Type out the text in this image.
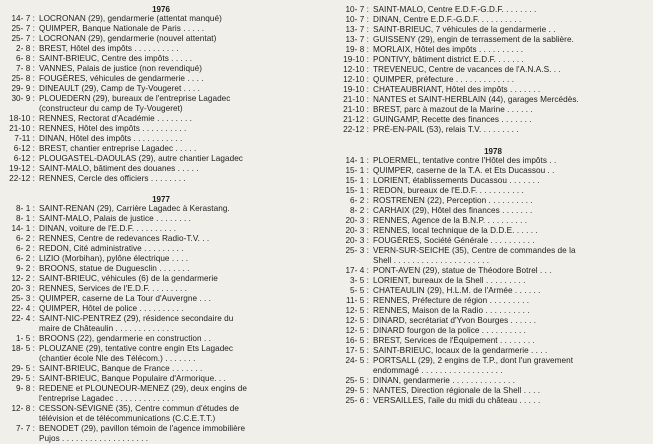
1976
14- 7 : LOCRONAN (29), gendarmerie (attentat manqué)
25- 7 : QUIMPER, Banque Nationale de Paris . . . . .
25- 7 : LOCRONAN (29), gendarmerie (nouvel attentat)
2- 8 : BREST, Hôtel des impôts . . . . . . . . . .
6- 8 : SAINT-BRIEUC, Centre des impôts . . . . .
7- 8 : VANNES, Palais de justice (non revendiqué)
25- 8 : FOUGÈRES, véhicules de gendarmerie . . . .
29- 9 : DINEAULT (29), Camp de Ty-Vougeret . . . .
30- 9 : PLOUEDERN (29), bureaux de l'entreprise Lagadec
(constructeur du camp de Ty-Vougeret)
18-10 : RENNES, Rectorat d'Académie . . . . . . . .
21-10 : RENNES, Hôtel des impôts . . . . . . . . . .
7-11 : DINAN, Hôtel des impôts . . . . . . . . . . .
6-12 : BREST, chantier entreprise Lagadec . . . . .
6-12 : PLOUGASTEL-DAOULAS (29), autre chantier Lagadec
19-12 : SAINT-MALO, bâtiment des douanes . . . . .
22-12 : RENNES, Cercle des officiers . . . . . . . .
1977
8- 1 : SAINT-RENAN (29), Carrière Lagadec à Kerastang.
8- 1 : SAINT-MALO, Palais de justice . . . . . . . .
14- 1 : DINAN, voiture de l'E.D.F. . . . . . . . . .
6- 2 : RENNES, Centre de redevances Radio-T.V. . .
6- 2 : REDON, Cité administrative . . . . . . . . .
6- 2 : LIZIO (Morbihan), pylône électrique . . . .
9- 2 : BROONS, statue de Duguesclin . . . . . . .
12- 2 : SAINT-BRIEUC, véhicules (6) de la gendarmerie
20- 3 : RENNES, Services de l'E.D.F. . . . . . . . .
25- 3 : QUIMPER, caserne de La Tour d'Auvergne . . .
22- 4 : QUIMPER, Hôtel de police . . . . . . . . . .
22- 4 : SAINT-NIC-PENTREZ (29), résidence secondaire du
maire de Châteaulin . . . . . . . . . . . . .
1- 5 : BROONS (22), gendarmerie en construction . .
18- 5 : PLOUZANE (29), tentative contre engin Ets Lagadec
(chantier école Nle des Télécom.) . . . . . . .
29- 5 : SAINT-BRIEUC, Banque de France . . . . . . .
29- 5 : SAINT-BRIEUC, Banque Populaire d'Armorique. . .
9- 8 : REDENE et PLOUNEOUR-MENEZ (29), deux engins de
l'entreprise Lagadec . . . . . . . . . . . . .
12- 8 : CESSON-SÉVIGNÉ (35), Centre commun d'études de
télévision et de télécommunications (C.C.E.T.T.)
7- 7 : BENODET (29), pavillon témoin de l'agence immobilière
Pujos . . . . . . . . . . . . . . . . . . .
10- 7 : SAINT-MALO, Centre E.D.F.-G.D.F. . . . . . . .
10- 7 : DINAN, Centre E.D.F.-G.D.F. . . . . . . . . .
13- 7 : SAINT-BRIEUC, 7 véhicules de la gendarmerie . .
13- 7 : GUISSENY (29), engin de terrassement de la sablière.
19- 8 : MORLAIX, Hôtel des impôts . . . . . . . . . .
19-10 : PONTIVY, bâtiment district E.D.F. . . . . . .
12-10 : TREVENEUC, Centre de vacances de l'A.N.A.S. . .
12-10 : QUIMPER, préfecture . . . . . . . . . . . . .
19-10 : CHATEAUBRIANT, Hôtel des impôts . . . . . . .
21-10 : NANTES et SAINT-HERBLAIN (44), garages Mercédès.
21-10 : BREST, parc à mazout de la Marine . . . . . .
21-12 : GUINGAMP, Recette des finances . . . . . . .
22-12 : PRÉ-EN-PAIL (53), relais T.V. . . . . . . . .
1978
14- 1 : PLOERMEL, tentative contre l'Hôtel des impôts . .
15- 1 : QUIMPER, caserne de la T.A. et Ets Ducassou . .
15- 1 : LORIENT, établissements Ducassou . . . . . . .
15- 1 : REDON, bureaux de l'E.D.F. . . . . . . . . . .
6- 2 : ROSTRENEN (22), Perception . . . . . . . . . .
8- 2 : CARHAIX (29), Hôtel des finances . . . . . . .
20- 3 : RENNES, Agence de la B.N.P. . . . . . . . . .
20- 3 : RENNES, local technique de la D.D.E. . . . . .
20- 3 : FOUGÈRES, Société Générale . . . . . . . . . .
25- 3 : VERN-SUR-SEICHE (35), Centre de commandes de la
Shell . . . . . . . . . . . . . . . . . . . . .
17- 4 : PONT-AVEN (29), statue de Théodore Botrel . . .
3- 5 : LORIENT, bureaux de la Shell . . . . . . . . .
5- 5 : CHATEAULIN (29), H.L.M. de l'Armée . . . . . .
11- 5 : RENNES, Préfecture de région . . . . . . . . .
12- 5 : RENNES, Maison de la Radio . . . . . . . . . .
12- 5 : DINARD, secrétariat d'Yvon Bourges . . . . . .
12- 5 : DINARD fourgon de la police . . . . . . . . . .
16- 5 : BREST, Services de l'Équipement . . . . . . . .
17- 5 : SAINT-BRIEUC, locaux de la gendarmerie . . . .
24- 5 : PORTSALL (29), 2 engins de T.P., dont l'un gravement
endommagé . . . . . . . . . . . . . . . . . .
25- 5 : DINAN, gendarmerie . . . . . . . . . . . . . .
29- 5 : NANTES, Direction régionale de la Shell . . . .
25- 6 : VERSAILLES, l'aile du midi du château . . . . .
